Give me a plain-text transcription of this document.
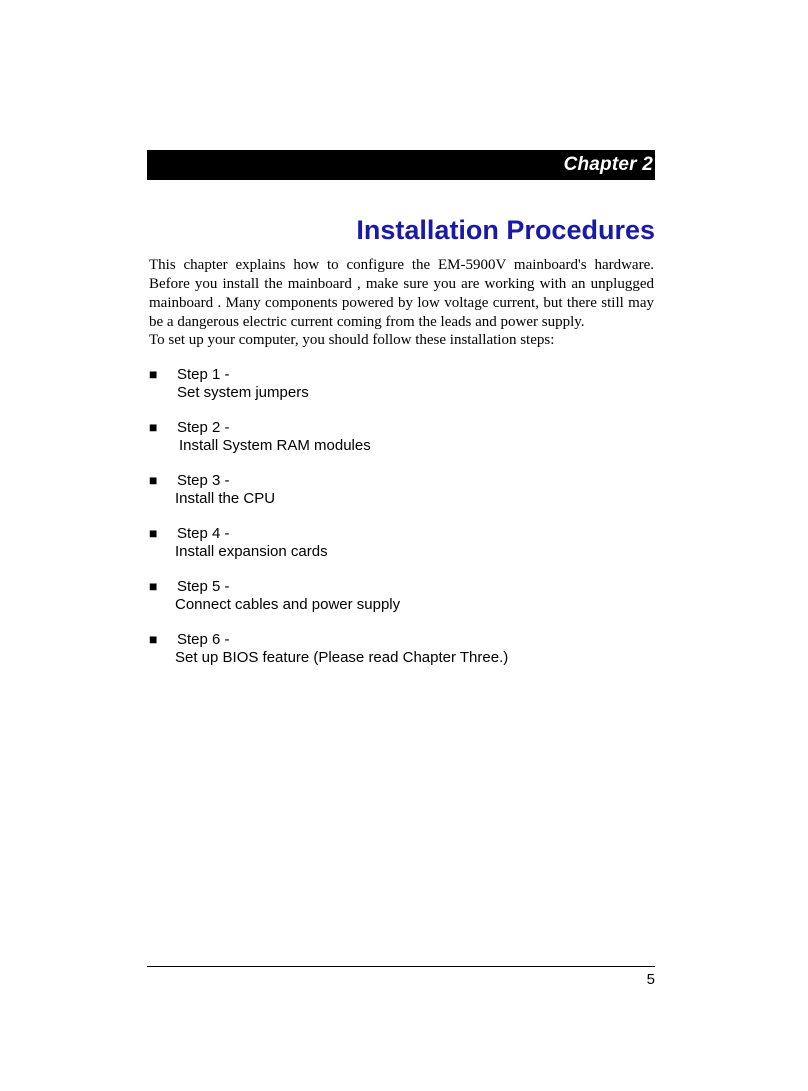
Chapter 2
Installation Procedures

This chapter explains how to configure the EM-5900V mainboard's hardware. Before you install the mainboard , make sure you are working with an unplugged mainboard . Many components powered by low voltage current, but there still may be a dangerous electric current coming from the leads and power supply.

To set up your computer, you should follow these installation steps:

■ Step 1 -
Set system jumpers
■ Step 2 -
Install System RAM modules
■ Step 3 -
Install the CPU
■ Step 4 -
Install expansion cards
■ Step 5 -
Connect cables and power supply
■ Step 6 -
Set up BIOS feature (Please read Chapter Three.)
5
